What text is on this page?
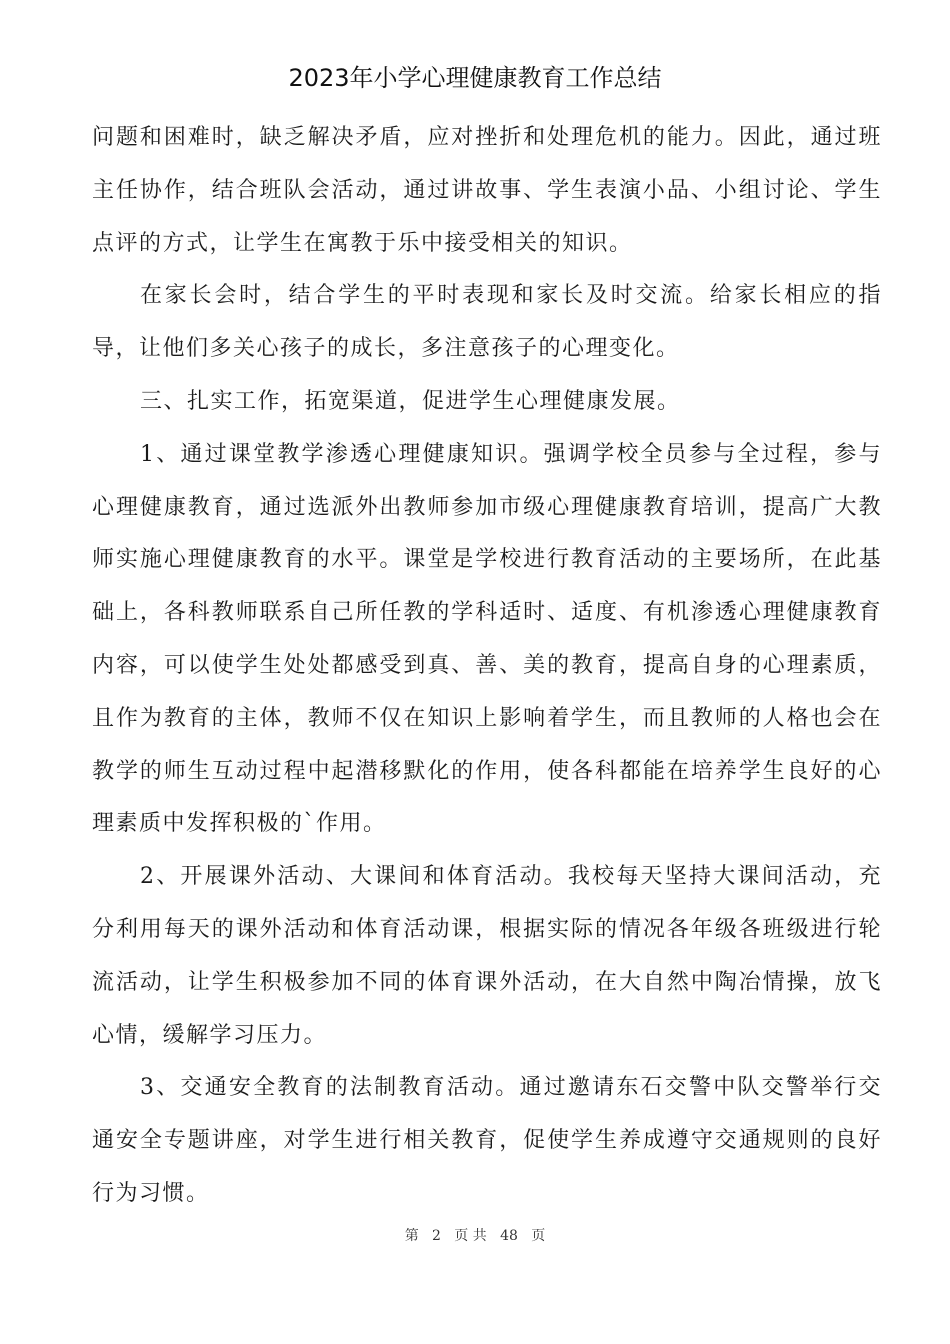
2023年小学心理健康教育工作总结

问题和困难时，缺乏解决矛盾，应对挫折和处理危机的能力。因此，通过班主任协作，结合班队会活动，通过讲故事、学生表演小品、小组讨论、学生点评的方式，让学生在寓教于乐中接受相关的知识。

在家长会时，结合学生的平时表现和家长及时交流。给家长相应的指导，让他们多关心孩子的成长，多注意孩子的心理变化。

三、扎实工作，拓宽渠道，促进学生心理健康发展。

1、通过课堂教学渗透心理健康知识。强调学校全员参与全过程，参与心理健康教育，通过选派外出教师参加市级心理健康教育培训，提高广大教师实施心理健康教育的水平。课堂是学校进行教育活动的主要场所，在此基础上，各科教师联系自己所任教的学科适时、适度、有机渗透心理健康教育内容，可以使学生处处都感受到真、善、美的教育，提高自身的心理素质，且作为教育的主体，教师不仅在知识上影响着学生，而且教师的人格也会在教学的师生互动过程中起潜移默化的作用，使各科都能在培养学生良好的心理素质中发挥积极的`作用。

2、开展课外活动、大课间和体育活动。我校每天坚持大课间活动，充分利用每天的课外活动和体育活动课，根据实际的情况各年级各班级进行轮流活动，让学生积极参加不同的体育课外活动，在大自然中陶冶情操，放飞心情，缓解学习压力。

3、交通安全教育的法制教育活动。通过邀请东石交警中队交警举行交通安全专题讲座，对学生进行相关教育，促使学生养成遵守交通规则的良好行为习惯。

第   2   页 共   48   页
